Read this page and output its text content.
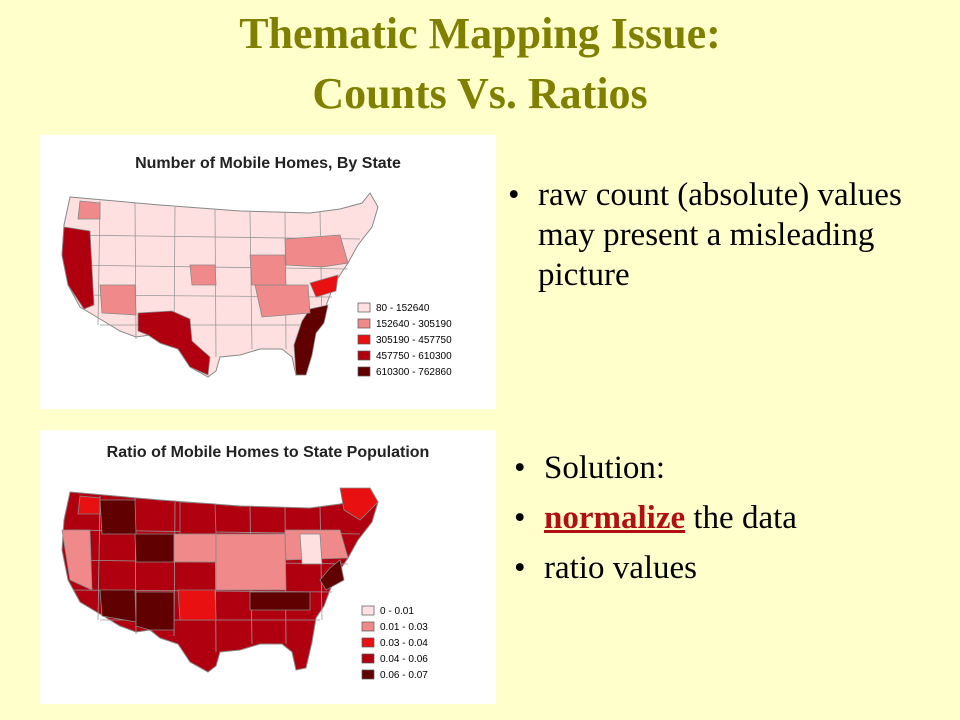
Thematic Mapping Issue:
Counts Vs. Ratios
Number of Mobile Homes, By State
80 - 152640
152640 - 305190
305190 - 457750
457750 - 610300
610300 - 762860
Ratio of Mobile Homes to State Population
0 - 0.01
0.01 - 0.03
0.03 - 0.04
0.04 - 0.06
0.06 - 0.07
• raw count (absolute) values may present a misleading picture
• Solution:
• normalize the data
• ratio values
